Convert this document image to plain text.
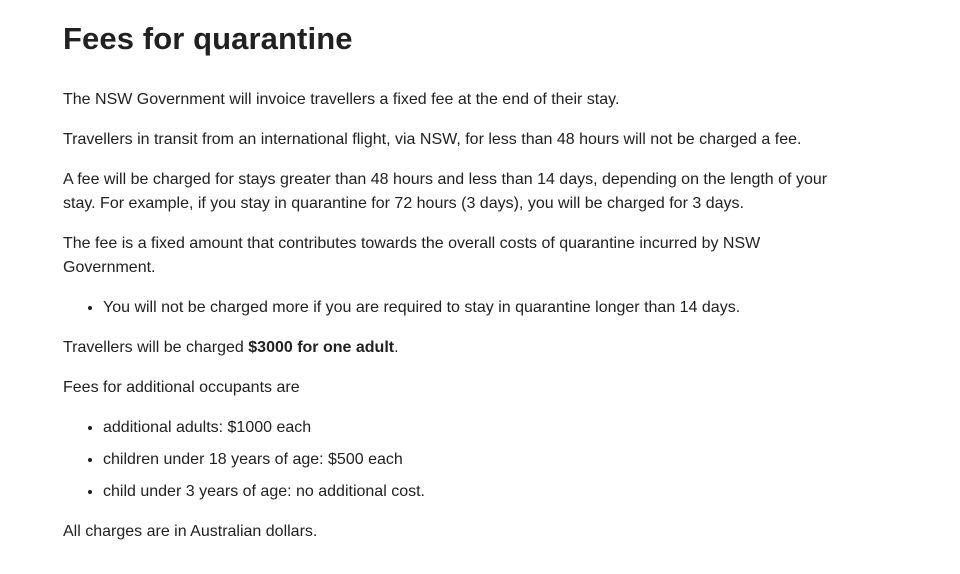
Fees for quarantine

The NSW Government will invoice travellers a fixed fee at the end of their stay.

Travellers in transit from an international flight, via NSW, for less than 48 hours will not be charged a fee.

A fee will be charged for stays greater than 48 hours and less than 14 days, depending on the length of your stay. For example, if you stay in quarantine for 72 hours (3 days), you will be charged for 3 days.

The fee is a fixed amount that contributes towards the overall costs of quarantine incurred by NSW Government.

• You will not be charged more if you are required to stay in quarantine longer than 14 days.

Travellers will be charged $3000 for one adult.

Fees for additional occupants are

• additional adults: $1000 each
• children under 18 years of age: $500 each
• child under 3 years of age: no additional cost.

All charges are in Australian dollars.
